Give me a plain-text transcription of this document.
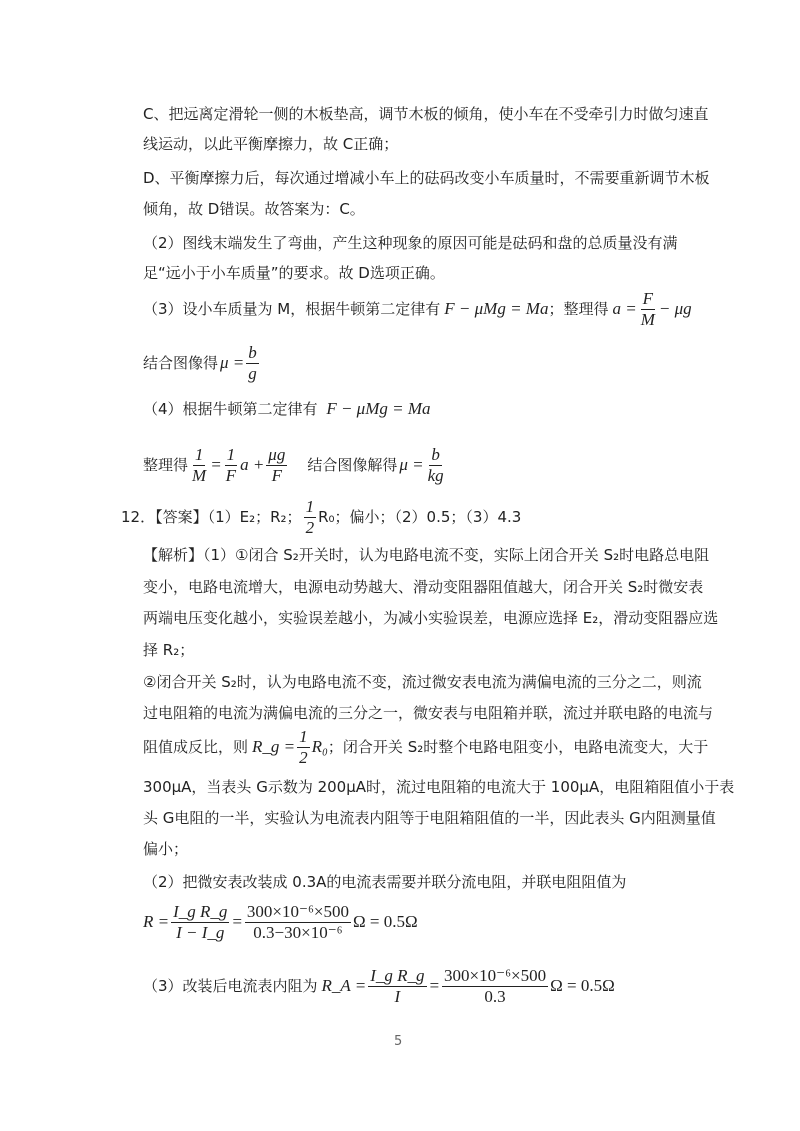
C、把远离定滑轮一侧的木板垫高，调节木板的倾角，使小车在不受牵引力时做匀速直
线运动，以此平衡摩擦力，故 C正确；
D、平衡摩擦力后，每次通过增减小车上的砝码改变小车质量时，不需要重新调节木板
倾角，故 D错误。故答案为：C。
（2）图线末端发生了弯曲，产生这种现象的原因可能是砝码和盘的总质量没有满
足“远小于小车质量”的要求。故 D选项正确。
（3）设小车质量为 M，根据牛顿第二定律有 F − μMg = Ma ；整理得 $a = \frac{F}{M} - \mu g$
结合图像得 $\mu = \frac{b}{g}$
（4）根据牛顿第二定律有 F − μMg = Ma
整理得 $\frac{1}{M} = \frac{1}{F}$ $a + \frac{\mu g}{F}$ 结合图像解得 $\mu = \frac{b}{kg}$
12．【答案】（1）E₂；R₂； $\frac{1}{2} R_0$；偏小；（2）0.5；（3）4.3
【解析】（1）①闭合 S₂开关时，认为电路电流不变，实际上闭合开关 S₂时电路总电阻
变小，电路电流增大，电源电动势越大、滑动变阻器阻值越大，闭合开关 S₂时微安表
两端电压变化越小，实验误差越小，为减小实验误差，电源应选择 E₂，滑动变阻器应选
择 R₂；
②闭合开关 S₂时，认为电路电流不变，流过微安表电流为满偏电流的三分之二，则流
过电阻箱的电流为满偏电流的三分之一，微安表与电阻箱并联，流过并联电路的电流与
阻值成反比，则 R_g = $\frac{1}{2} R_0$ ；闭合开关 S₂时整个电路电阻变小，电路电流变大，大于
300μA，当表头 G示数为 200μA时，流过电阻箱的电流大于 100μA，电阻箱阻值小于表
头 G电阻的一半，实验认为电流表内阻等于电阻箱阻值的一半，因此表头 G内阻测量值
偏小；
（2）把微安表改装成 0.3A的电流表需要并联分流电阻，并联电阻阻值为
$R = \frac{\text{I\_g R\_g}}{I - I\_g} = \frac{\text{300×10⁻⁶×500}}{\text{0.3−30×10⁻⁶}}$ Ω = 0.5Ω
（3）改装后电流表内阻为 R_A = $\frac{\text{I\_g R\_g}}{I} = \frac{\text{300×10⁻⁶×500}}{0.3}$ Ω = 0.5Ω
5
